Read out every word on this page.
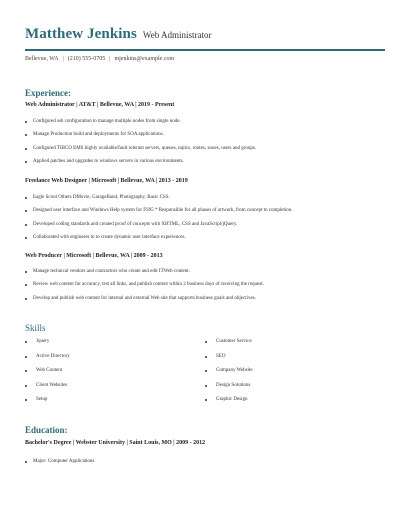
Matthew Jenkins Web Administrator
Bellevue, WA | (210) 555-0705 | mjenkins@example.com
Experience:
Web Administrator | AT&T | Bellevue, WA | 2019 - Present
Configured ssh configuration to manage multiple nodes from single node.
Manage Production build and deployments for SOA applications.
Configured TIBCO EMS highly available/fault tolerant servers, queues, topics, routes, zones, users and groups.
Applied patches and upgrades to windows servers in various environments.
Freelance Web Designer | Microsoft | Bellevue, WA | 2013 - 2019
Eagle Scout Others DMovie, GarageBand, Photography, Basic CSS.
Designed user interface and Windows Help system for FS95 * Responsible for all phases of artwork, from concept to completion.
Developed coding standards and created proof of concepts with XHTML, CSS and JavaScript/jQuery.
Collaborated with engineers to to create dynamic user interface experiences.
Web Producer | Microsoft | Bellevue, WA | 2009 - 2013
Manage technical vendors and contractors who create and edit ITWeb content.
Review web content for accuracy, test all links, and publish content within 2 business days of receiving the request.
Develop and publish web content for internal and external Web site that supports business goals and objectives.
Skills
Jquery
Active Directory
Web Content
Client Websites
Setup
Customer Service
SEO
Company Website
Design Solutions
Graphic Design
Education:
Bachelor's Degree | Webster University | Saint Louis, MO | 2009 - 2012
Major: Computer Applications
